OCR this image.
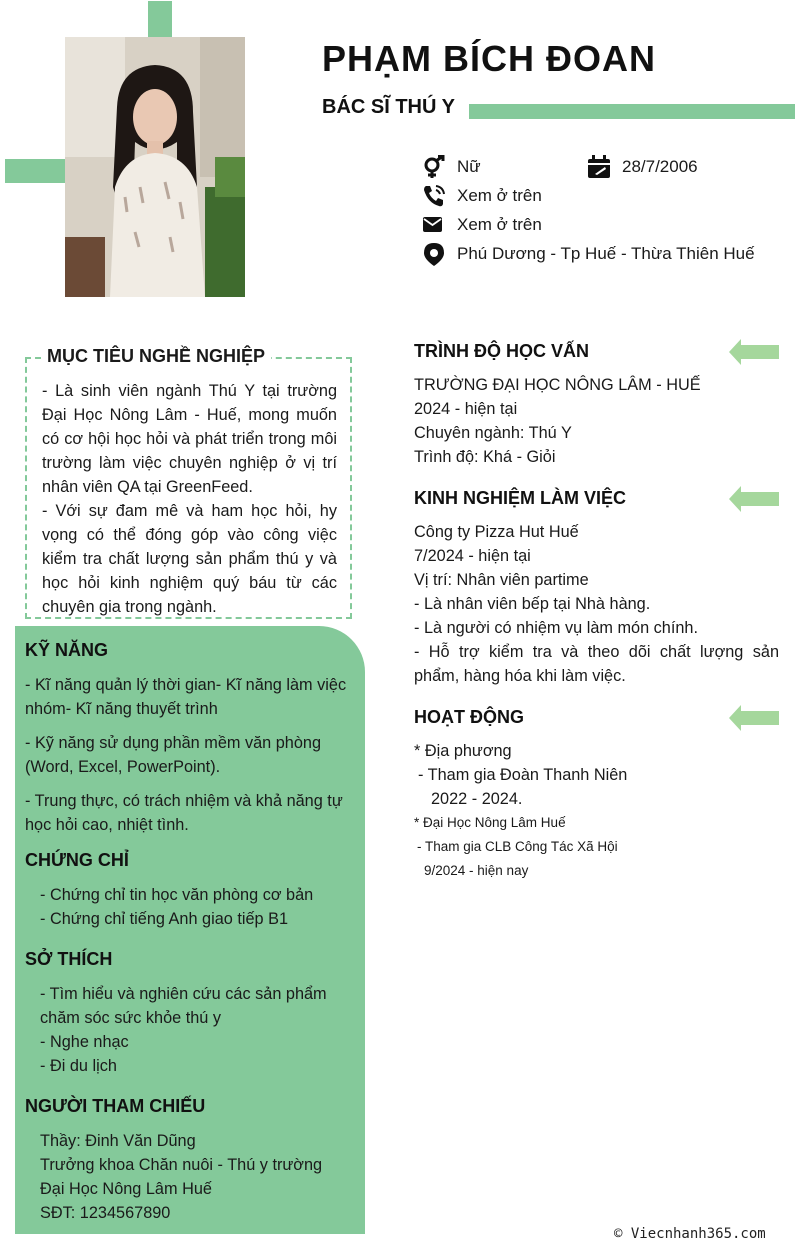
PHẠM BÍCH ĐOAN
BÁC SĨ THÚ Y
Nữ	28/7/2006
Xem ở trên
Xem ở trên
Phú Dương - Tp Huế - Thừa Thiên Huế
MỤC TIÊU NGHỀ NGHIỆP

- Là sinh viên ngành Thú Y tại trường Đại Học Nông Lâm - Huế, mong muốn có cơ hội học hỏi và phát triển trong môi trường làm việc chuyên nghiệp ở vị trí nhân viên QA tại GreenFeed.

- Với sự đam mê và ham học hỏi, hy vọng có thể đóng góp vào công việc kiểm tra chất lượng sản phẩm thú y và học hỏi kinh nghiệm quý báu từ các chuyên gia trong ngành.

KỸ NĂNG

- Kĩ năng quản lý thời gian- Kĩ năng làm việc nhóm- Kĩ năng thuyết trình

- Kỹ năng sử dụng phần mềm văn phòng (Word, Excel, PowerPoint).

- Trung thực, có trách nhiệm và khả năng tự học hỏi cao, nhiệt tình.

CHỨNG CHỈ

- Chứng chỉ tin học văn phòng cơ bản

- Chứng chỉ tiếng Anh giao tiếp B1

SỞ THÍCH

- Tìm hiểu và nghiên cứu các sản phẩm chăm sóc sức khỏe thú y

- Nghe nhạc

- Đi du lịch

NGƯỜI THAM CHIẾU

Thầy: Đinh Văn Dũng

Trưởng khoa Chăn nuôi - Thú y trường Đại Học Nông Lâm Huế

SĐT: 1234567890

TRÌNH ĐỘ HỌC VẤN

TRƯỜNG ĐẠI HỌC NÔNG LÂM - HUẾ

2024 - hiện tại

Chuyên ngành: Thú Y

Trình độ: Khá - Giỏi

KINH NGHIỆM LÀM VIỆC

Công ty Pizza Hut Huế

7/2024 - hiện tại

Vị trí: Nhân viên partime

- Là nhân viên bếp tại Nhà hàng.

- Là người có nhiệm vụ làm món chính.

- Hỗ trợ kiểm tra và theo dõi chất lượng sản phẩm, hàng hóa khi làm việc.

HOẠT ĐỘNG

* Địa phương

- Tham gia Đoàn Thanh Niên

2022 - 2024.

* Đại Học Nông Lâm Huế

- Tham gia CLB Công Tác Xã Hội

9/2024 - hiện nay

© Viecnhanh365.com
